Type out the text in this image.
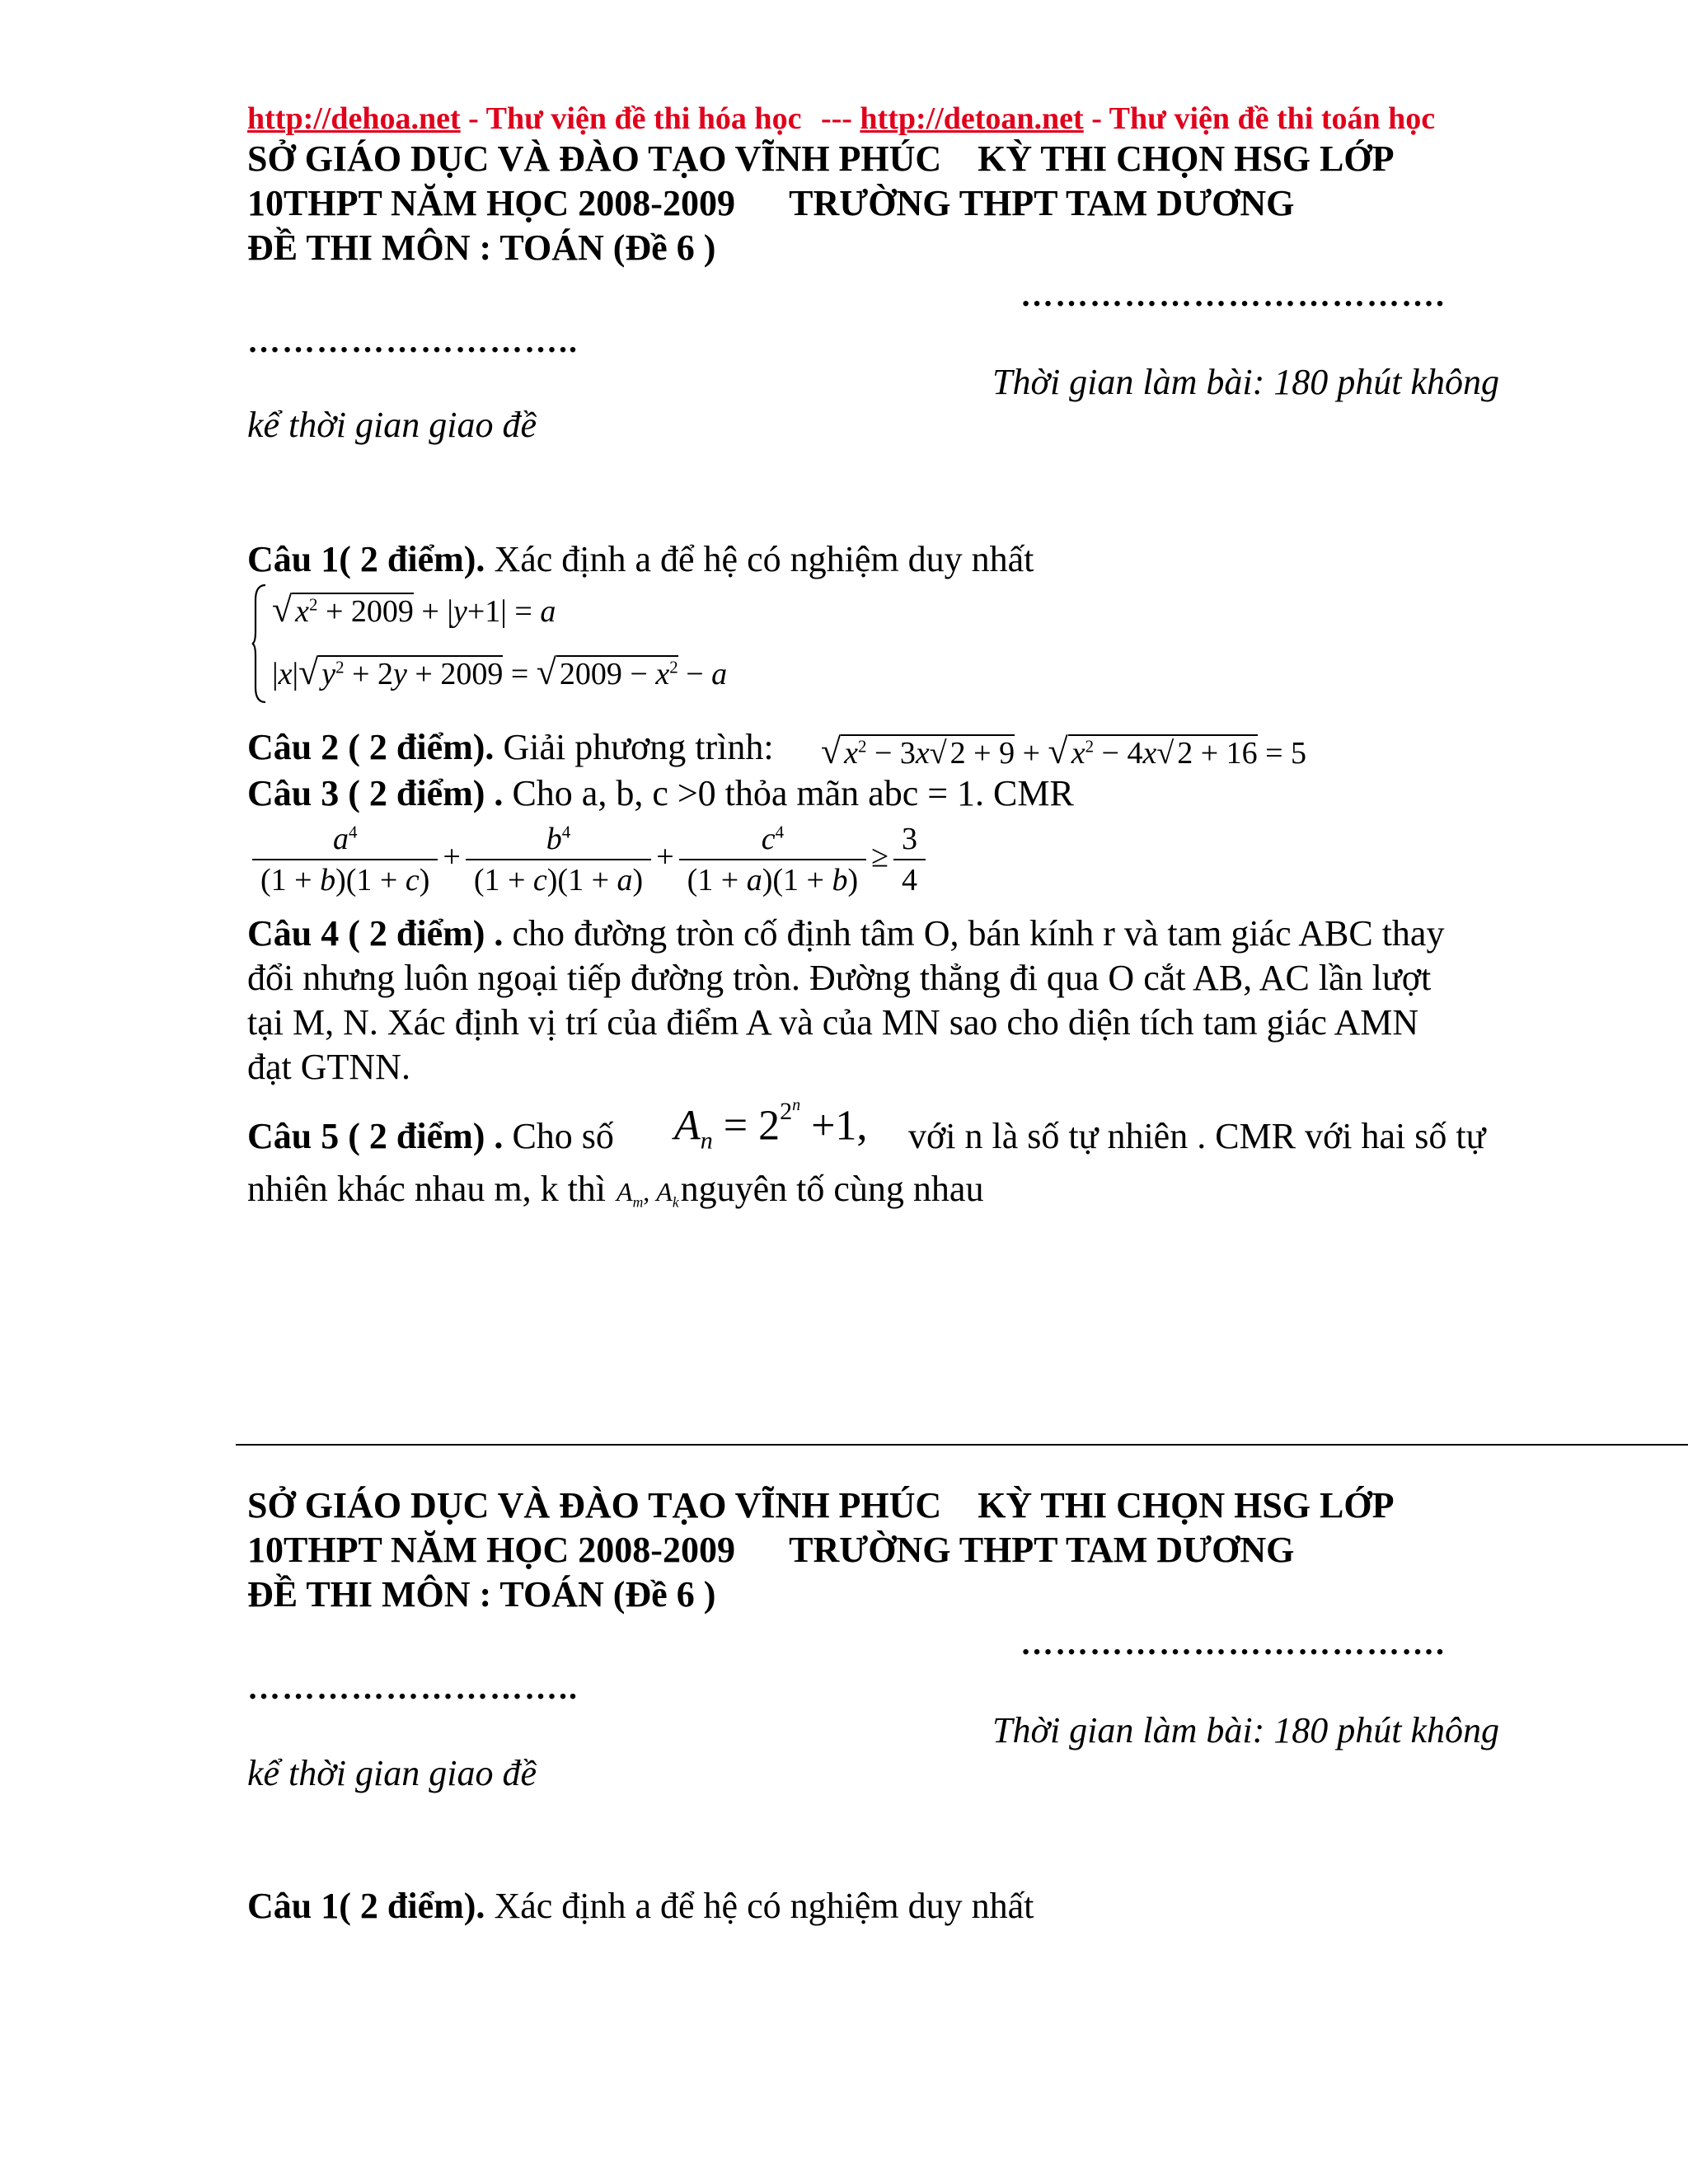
http://dehoa.net - Thư viện đề thi hóa học --- http://detoan.net - Thư viện đề thi toán học
SỞ GIÁO DỤC VÀ ĐÀO TẠO VĨNH PHÚC    KỲ THI CHỌN HSG LỚP
10THPT NĂM HỌC 2008-2009      TRƯỜNG THPT TAM DƯƠNG
ĐỀ THI MÔN : TOÁN (Đề 6 )
……………………………….
………………………..
Thời gian làm bài: 180 phút không
kể thời gian giao đề
Câu 1( 2 điểm). Xác định a để hệ có nghiệm duy nhất
√ $x^2 + 2009 + |y+1| = a$
|x|√ $y^2 + 2y + 2009$ = √ $2009 - x^2 - a$
Câu 2 ( 2 điểm). Giải phương trình: √ $x^2 - 3x√$ 2 + 9 + √ $x^2 - 4x√$ 2 + 16 = 5
Câu 3 ( 2 điểm) . Cho a, b, c >0 thỏa mãn abc = 1. CMR
$\frac{a^4}{(1 + b)(1 + c)} + \frac{b^4}{(1 + c)(1 + a)} + \frac{c^4}{(1 + a)(1 + b)} \ge \frac{3}{4}$
Câu 4 ( 2 điểm) . cho đường tròn cố định tâm O, bán kính r và tam giác ABC thay
đổi nhưng luôn ngoại tiếp đường tròn. Đường thẳng đi qua O cắt AB, AC lần lượt
tại M, N. Xác định vị trí của điểm A và của MN sao cho diện tích tam giác AMN
đạt GTNN.
Câu 5 ( 2 điểm) . Cho số $A_n = 2^{2^n} +1$, với n là số tự nhiên . CMR với hai số tự
nhiên khác nhau m, k thì $A_m$, $A_knguyên$ tố cùng nhau
SỞ GIÁO DỤC VÀ ĐÀO TẠO VĨNH PHÚC    KỲ THI CHỌN HSG LỚP
10THPT NĂM HỌC 2008-2009      TRƯỜNG THPT TAM DƯƠNG
ĐỀ THI MÔN : TOÁN (Đề 6 )
……………………………….
………………………..
Thời gian làm bài: 180 phút không
kể thời gian giao đề
Câu 1( 2 điểm). Xác định a để hệ có nghiệm duy nhất
